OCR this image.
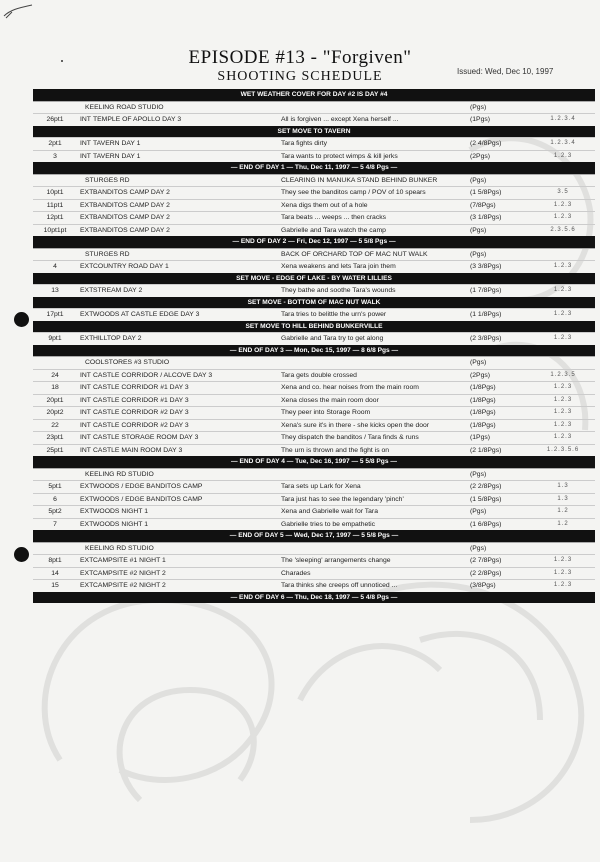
EPISODE #13 - "Forgiven"
SHOOTING SCHEDULE	Issued: Wed, Dec 10, 1997
WET WEATHER COVER FOR DAY #2 IS DAY #4
KEELING ROAD STUDIO	(Pgs)
26pt1	INT TEMPLE OF APOLLO DAY 3	All is forgiven ... except Xena herself ...	(1Pgs)	1.2.3.4
SET MOVE TO TAVERN
2pt1	INT TAVERN DAY 1	Tara fights dirty	(2 4/8Pgs)	1.2.3.4
3	INT TAVERN DAY 1	Tara wants to protect wimps & kill jerks	(2Pgs)	1.2.3
— END OF DAY 1 — Thu, Dec 11, 1997 — 5 4/8 Pgs —
STURGES RD	CLEARING IN MANUKA STAND BEHIND BUNKER	(Pgs)
10pt1	EXT BANDITOS CAMP DAY 2	They see the banditos camp / POV of 10 spears	(1 5/8Pgs)	3.5
11pt1	EXT BANDITOS CAMP DAY 2	Xena digs them out of a hole	(7/8Pgs)	1.2.3
12pt1	EXT BANDITOS CAMP DAY 2	Tara beats ... weeps ... then cracks	(3 1/8Pgs)	1.2.3
10pt1pt	EXT BANDITOS CAMP DAY 2	Gabrielle and Tara watch the camp	(Pgs)	2.3.5.6
— END OF DAY 2 — Fri, Dec 12, 1997 — 5 5/8 Pgs —
STURGES RD	BACK OF ORCHARD TOP OF MAC NUT WALK	(Pgs)
4	EXT COUNTRY ROAD DAY 1	Xena weakens and lets Tara join them	(3 3/8Pgs)	1.2.3
SET MOVE - EDGE OF LAKE - BY WATER LILLIES
13	EXT STREAM DAY 2	They bathe and soothe Tara's wounds	(1 7/8Pgs)	1.2.3
SET MOVE - BOTTOM OF MAC NUT WALK
17pt1	EXT WOODS AT CASTLE EDGE DAY 3	Tara tries to belittle the urn's power	(1 1/8Pgs)	1.2.3
SET MOVE TO HILL BEHIND BUNKERVILLE
9pt1	EXT HILLTOP DAY 2	Gabrielle and Tara try to get along	(2 3/8Pgs)	1.2.3
— END OF DAY 3 — Mon, Dec 15, 1997 — 8 6/8 Pgs —
COOLSTORES #3 STUDIO	(Pgs)
24	INT CASTLE CORRIDOR / ALCOVE DAY 3	Tara gets double crossed	(2Pgs)	1.2.3.5
18	INT CASTLE CORRIDOR #1 DAY 3	Xena and co. hear noises from the main room	(1/8Pgs)	1.2.3
20pt1	INT CASTLE CORRIDOR #1 DAY 3	Xena closes the main room door	(1/8Pgs)	1.2.3
20pt2	INT CASTLE CORRIDOR #2 DAY 3	They peer into Storage Room	(1/8Pgs)	1.2.3
22	INT CASTLE CORRIDOR #2 DAY 3	Xena's sure it's in there - she kicks open the door	(1/8Pgs)	1.2.3
23pt1	INT CASTLE STORAGE ROOM DAY 3	They dispatch the banditos / Tara finds & runs	(1Pgs)	1.2.3
25pt1	INT CASTLE MAIN ROOM DAY 3	The urn is thrown and the fight is on	(2 1/8Pgs)	1.2.3.5.6
— END OF DAY 4 — Tue, Dec 16, 1997 — 5 5/8 Pgs —
KEELING RD STUDIO	(Pgs)
5pt1	EXT WOODS / EDGE BANDITOS CAMP	Tara sets up Lark for Xena	(2 2/8Pgs)	1.3
6	EXT WOODS / EDGE BANDITOS CAMP	Tara just has to see the legendary 'pinch'	(1 5/8Pgs)	1.3
5pt2	EXT WOODS NIGHT 1	Xena and Gabrielle wait for Tara	(Pgs)	1.2
7	EXT WOODS NIGHT 1	Gabrielle tries to be empathetic	(1 6/8Pgs)	1.2
— END OF DAY 5 — Wed, Dec 17, 1997 — 5 5/8 Pgs —
KEELING RD STUDIO	(Pgs)
8pt1	EXT CAMPSITE #1 NIGHT 1	The 'sleeping' arrangements change	(2 7/8Pgs)	1.2.3
14	EXT CAMPSITE #2 NIGHT 2	Charades	(2 2/8Pgs)	1.2.3
15	EXT CAMPSITE #2 NIGHT 2	Tara thinks she creeps off unnoticed ...	(3/8Pgs)	1.2.3
— END OF DAY 6 — Thu, Dec 18, 1997 — 5 4/8 Pgs —
